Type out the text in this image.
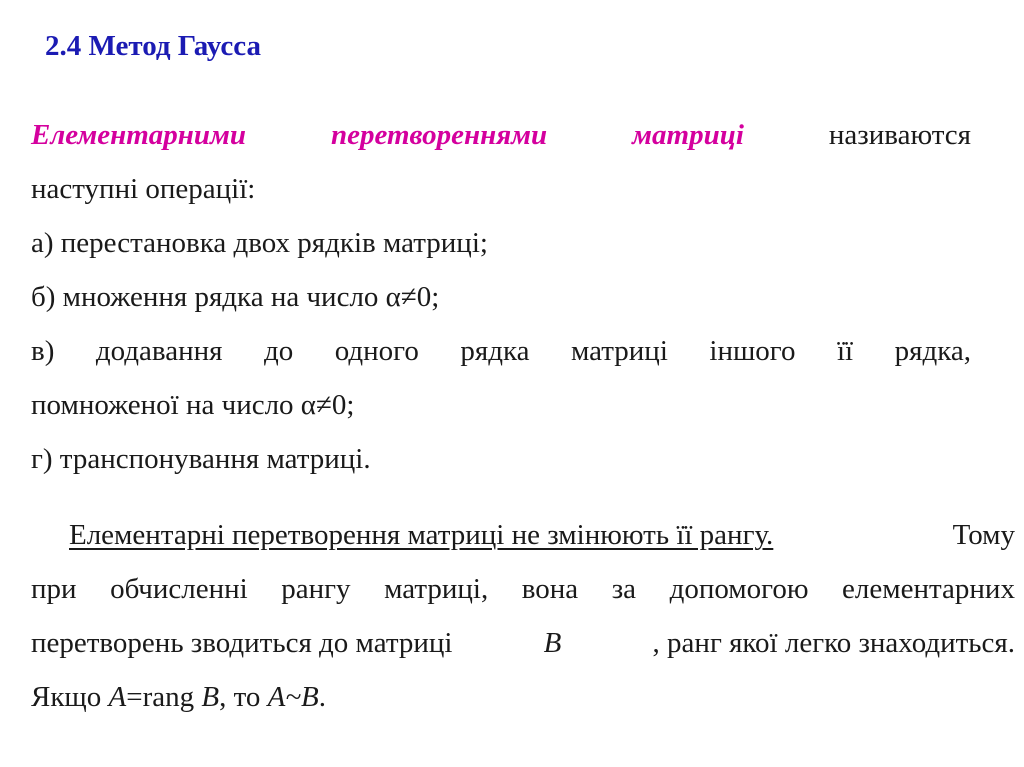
2.4 Метод Гаусса
Елементарними	перетвореннями	матриці	називаются
наступні операції:
а) перестановка двох рядків матриці;
б) множення рядка на число α≠0;
в) додавання до одного рядка матриці іншого її рядка,
помноженої на число α≠0;
г) транспонування матриці.
Елементарні перетворення матриці не змінюють її рангу.	Тому
при обчисленні рангу матриці, вона за допомогою елементарних
перетворень зводиться до матриці	B	, ранг якої легко знаходиться.
Якщо A=rang B, то A~B.
